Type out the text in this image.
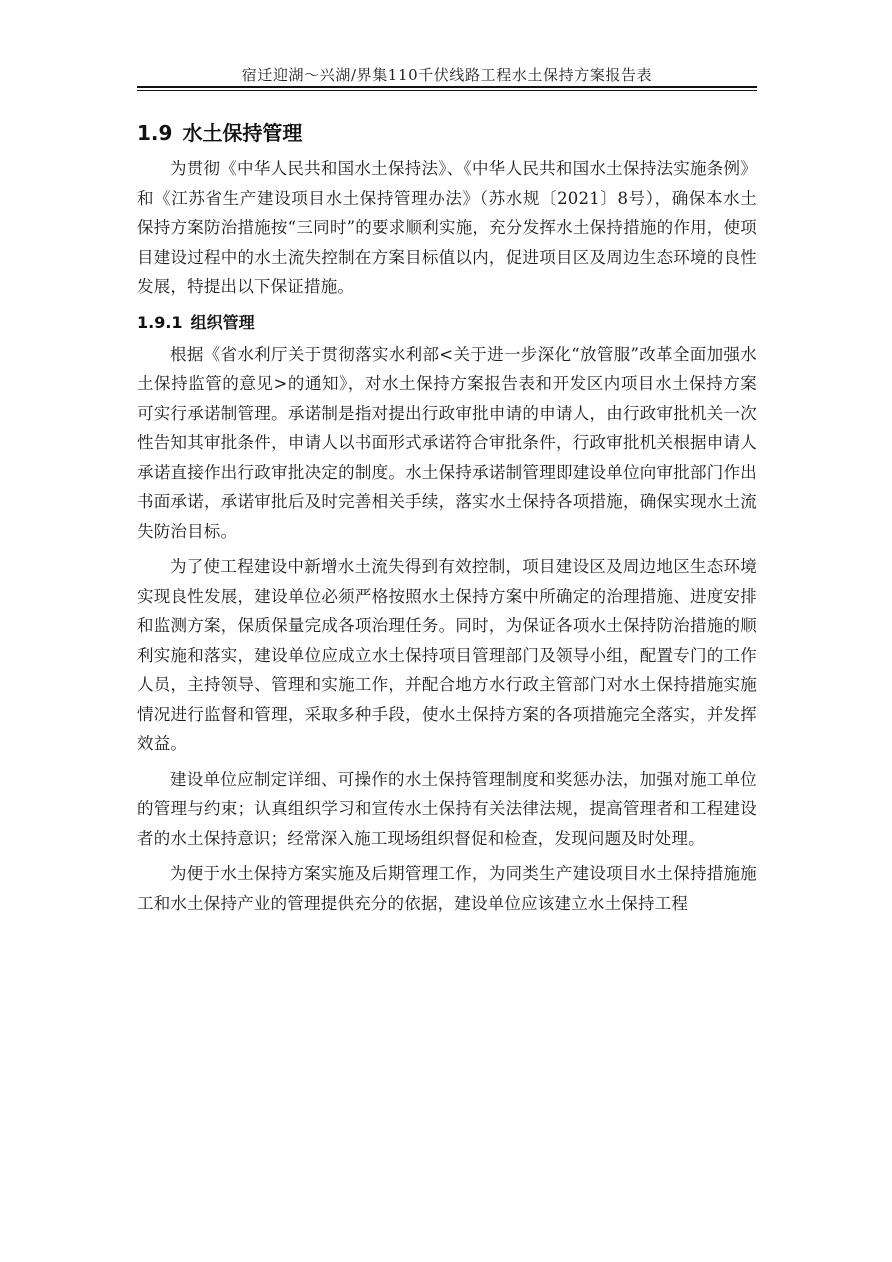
宿迁迎湖～兴湖/界集110千伏线路工程水土保持方案报告表
1.9 水土保持管理

为贯彻《中华人民共和国水土保持法》、《中华人民共和国水土保持法实施条例》和《江苏省生产建设项目水土保持管理办法》（苏水规〔2021〕8号），确保本水土保持方案防治措施按“三同时”的要求顺利实施，充分发挥水土保持措施的作用，使项目建设过程中的水土流失控制在方案目标值以内，促进项目区及周边生态环境的良性发展，特提出以下保证措施。

1.9.1 组织管理

根据《省水利厅关于贯彻落实水利部<关于进一步深化“放管服”改革全面加强水土保持监管的意见>的通知》，对水土保持方案报告表和开发区内项目水土保持方案可实行承诺制管理。承诺制是指对提出行政审批申请的申请人，由行政审批机关一次性告知其审批条件，申请人以书面形式承诺符合审批条件，行政审批机关根据申请人承诺直接作出行政审批决定的制度。水土保持承诺制管理即建设单位向审批部门作出书面承诺，承诺审批后及时完善相关手续，落实水土保持各项措施，确保实现水土流失防治目标。

为了使工程建设中新增水土流失得到有效控制，项目建设区及周边地区生态环境实现良性发展，建设单位必须严格按照水土保持方案中所确定的治理措施、进度安排和监测方案，保质保量完成各项治理任务。同时，为保证各项水土保持防治措施的顺利实施和落实，建设单位应成立水土保持项目管理部门及领导小组，配置专门的工作人员，主持领导、管理和实施工作，并配合地方水行政主管部门对水土保持措施实施情况进行监督和管理，采取多种手段，使水土保持方案的各项措施完全落实，并发挥效益。

建设单位应制定详细、可操作的水土保持管理制度和奖惩办法，加强对施工单位的管理与约束；认真组织学习和宣传水土保持有关法律法规，提高管理者和工程建设者的水土保持意识；经常深入施工现场组织督促和检查，发现问题及时处理。

为便于水土保持方案实施及后期管理工作，为同类生产建设项目水土保持措施施工和水土保持产业的管理提供充分的依据，建设单位应该建立水土保持工程
